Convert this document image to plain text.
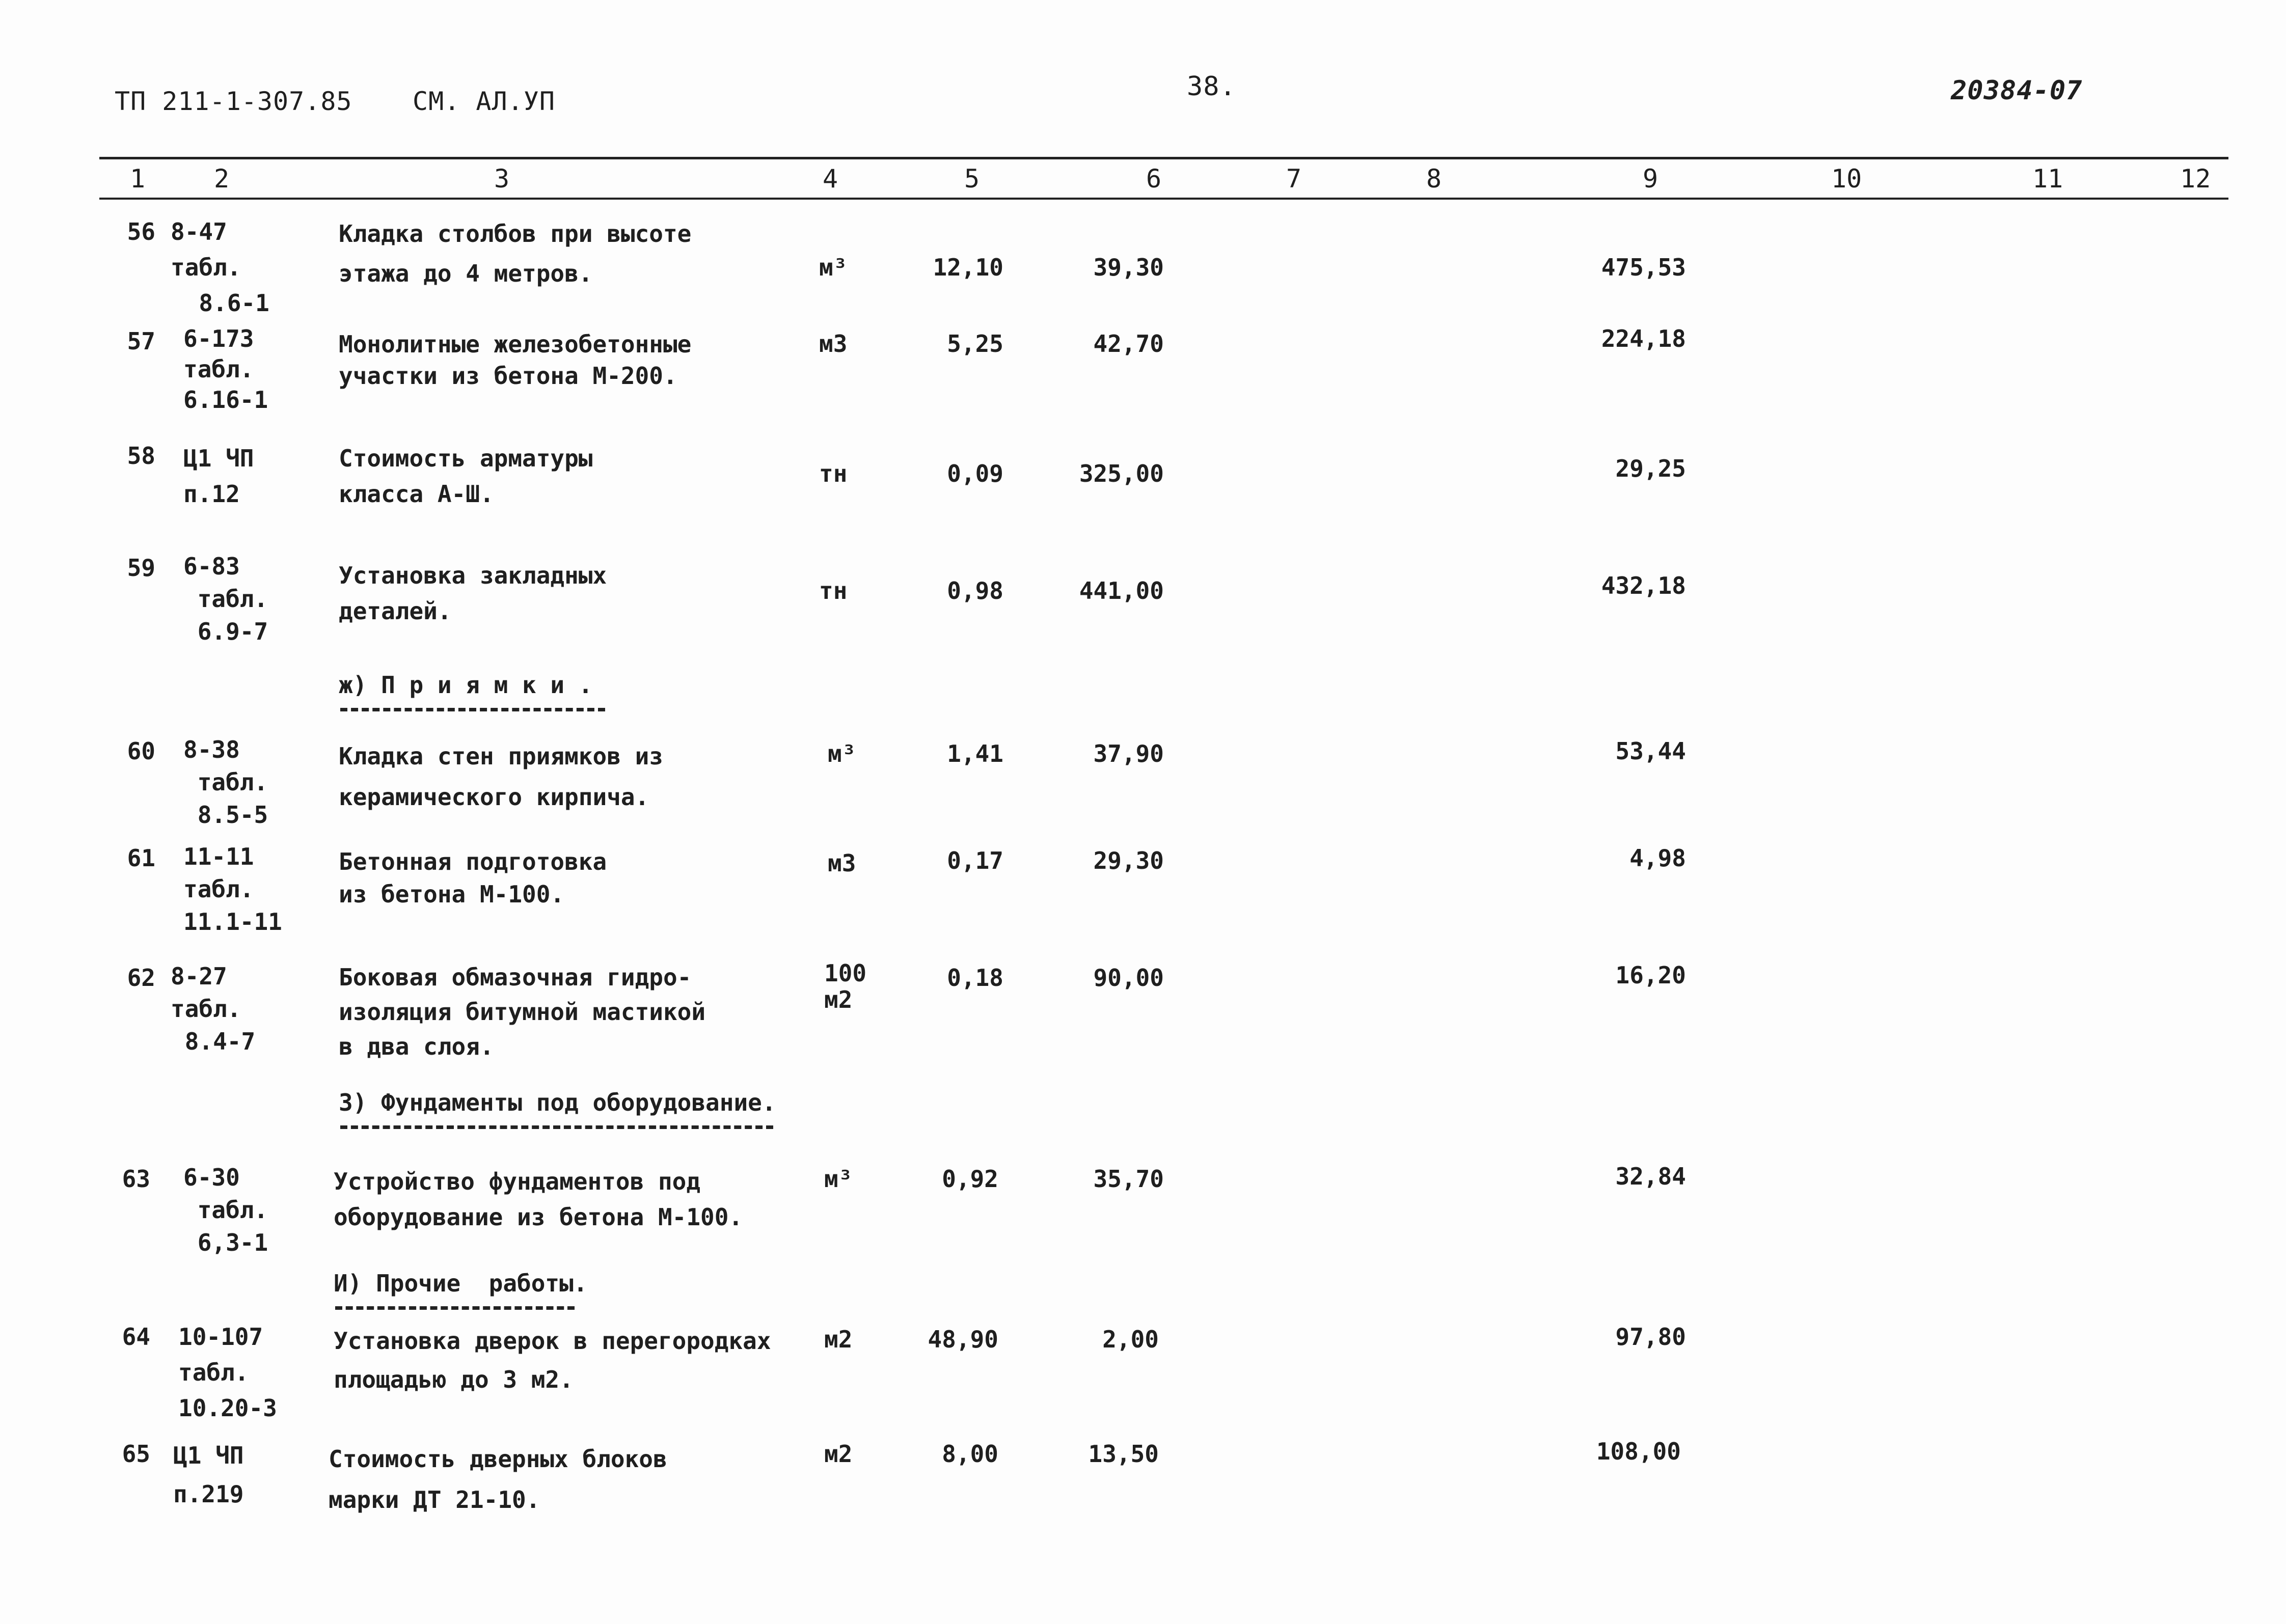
ТП 211-1-307.85 СМ. АЛ.УП	38.	20384-07
1	2	3	4	5	6	7	8	9	10	11	12
56 8-47
табл.
8.6-1
Кладка столбов при высоте
этажа до 4 метров.	м³	12,10	39,30	475,53
57 6-173
табл.
6.16-1
Монолитные железобетонные
участки из бетона М-200.
м3	5,25	42,70	224,18
58 Ц1 ЧП
п.12
Стоимость арматуры
класса А-Ш.
тн	0,09	325,00	29,25
59 6-83
табл.
6.9-7
Установка закладных
деталей.
тн	0,98	441,00	432,18
ж) П р и я м к и .
60 8-38
табл.
8.5-5
Кладка стен приямков из
керамического кирпича.
м³	1,41	37,90	53,44
61 11-11
табл.
11.1-11
Бетонная подготовка
из бетона М-100.
м3	0,17	29,30	4,98
62 8-27
табл.
8.4-7
Боковая обмазочная гидро-
изоляция битумной мастикой
в два слоя.
100
м2
0,18	90,00	16,20
3) Фундаменты под оборудование.
63 6-30
табл.
6,3-1
Устройство фундаментов под
оборудование из бетона М-100.
м³	0,92	35,70	32,84
И) Прочие  работы.
64 10-107
табл.
10.20-3
Установка дверок в перегородках
площадью до 3 м2.
м2	48,90	2,00	97,80
65 Ц1 ЧП
п.219
Стоимость дверных блоков
марки ДТ 21-10.
м2	8,00	13,50	108,00
